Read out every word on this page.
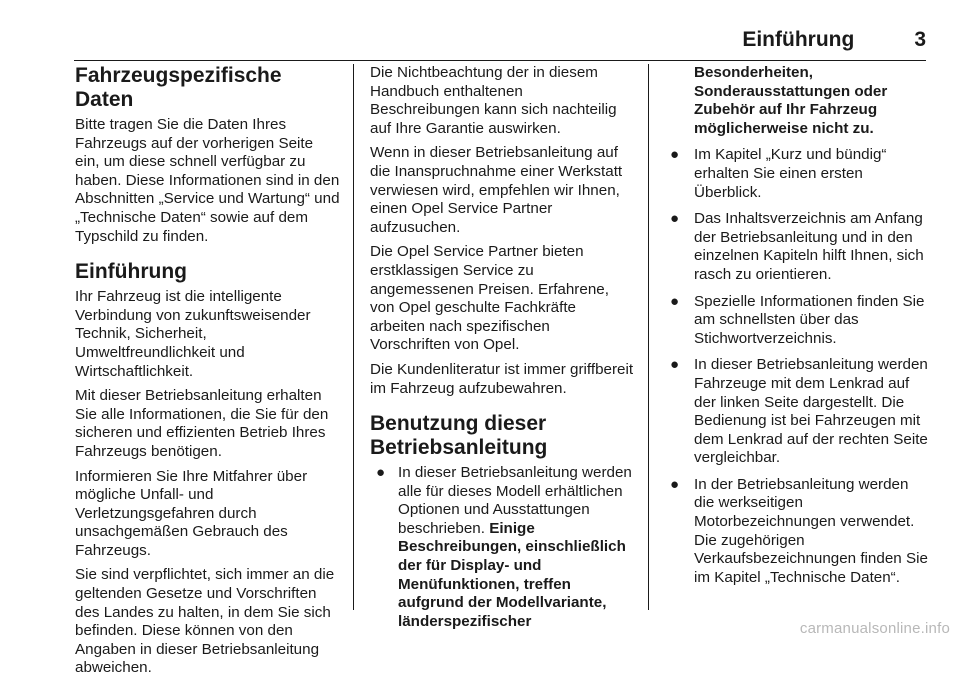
Einführung	3
Fahrzeugspezifische Daten

Bitte tragen Sie die Daten Ihres Fahrzeugs auf der vorherigen Seite ein, um diese schnell verfügbar zu haben. Diese Informationen sind in den Abschnitten „Service und Wartung“ und „Technische Daten“ sowie auf dem Typschild zu finden.

Einführung

Ihr Fahrzeug ist die intelligente Verbindung von zukunftsweisender Technik, Sicherheit, Umweltfreundlichkeit und Wirtschaftlichkeit.

Mit dieser Betriebsanleitung erhalten Sie alle Informationen, die Sie für den sicheren und effizienten Betrieb Ihres Fahrzeugs benötigen.

Informieren Sie Ihre Mitfahrer über mögliche Unfall- und Verletzungsgefahren durch unsachgemäßen Gebrauch des Fahrzeugs.

Sie sind verpflichtet, sich immer an die geltenden Gesetze und Vorschriften des Landes zu halten, in dem Sie sich befinden. Diese können von den Angaben in dieser Betriebsanleitung abweichen.

Die Nichtbeachtung der in diesem Handbuch enthaltenen Beschreibungen kann sich nachteilig auf Ihre Garantie auswirken.

Wenn in dieser Betriebsanleitung auf die Inanspruchnahme einer Werkstatt verwiesen wird, empfehlen wir Ihnen, einen Opel Service Partner aufzusuchen.

Die Opel Service Partner bieten erstklassigen Service zu angemessenen Preisen. Erfahrene, von Opel geschulte Fachkräfte arbeiten nach spezifischen Vorschriften von Opel.

Die Kundenliteratur ist immer griffbereit im Fahrzeug aufzubewahren.

Benutzung dieser Betriebsanleitung
● In dieser Betriebsanleitung werden alle für dieses Modell erhältlichen Optionen und Ausstattungen beschrieben. Einige Beschreibungen, einschließlich der für Display- und Menüfunktionen, treffen aufgrund der Modellvariante, länderspezifischer

Besonderheiten, Sonderausstattungen oder Zubehör auf Ihr Fahrzeug möglicherweise nicht zu.

● Im Kapitel „Kurz und bündig“ erhalten Sie einen ersten Überblick.
● Das Inhaltsverzeichnis am Anfang der Betriebsanleitung und in den einzelnen Kapiteln hilft Ihnen, sich rasch zu orientieren.
● Spezielle Informationen finden Sie am schnellsten über das Stichwortverzeichnis.
● In dieser Betriebsanleitung werden Fahrzeuge mit dem Lenkrad auf der linken Seite dargestellt. Die Bedienung ist bei Fahrzeugen mit dem Lenkrad auf der rechten Seite vergleichbar.
● In der Betriebsanleitung werden die werkseitigen Motorbezeichnungen verwendet. Die zugehörigen Verkaufsbezeichnungen finden Sie im Kapitel „Technische Daten“.
carmanualsonline.info
